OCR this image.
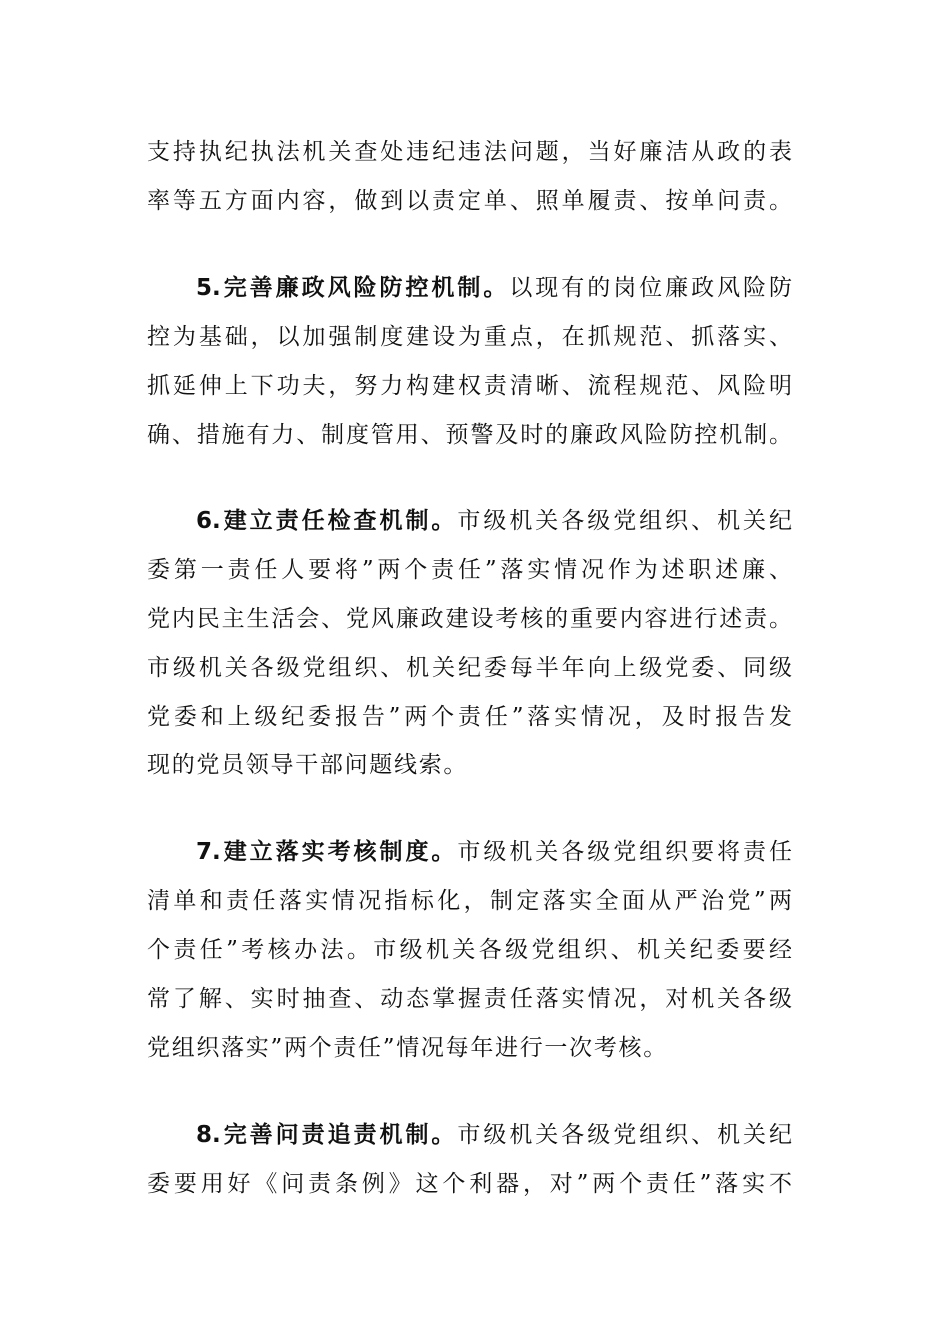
支持执纪执法机关查处违纪违法问题，当好廉洁从政的表
率等五方面内容，做到以责定单、照单履责、按单问责。
5.完善廉政风险防控机制。以现有的岗位廉政风险防
控为基础，以加强制度建设为重点，在抓规范、抓落实、
抓延伸上下功夫，努力构建权责清晰、流程规范、风险明
确、措施有力、制度管用、预警及时的廉政风险防控机制。
6.建立责任检查机制。市级机关各级党组织、机关纪
委第一责任人要将”两个责任”落实情况作为述职述廉、
党内民主生活会、党风廉政建设考核的重要内容进行述责。
市级机关各级党组织、机关纪委每半年向上级党委、同级
党委和上级纪委报告”两个责任”落实情况，及时报告发
现的党员领导干部问题线索。
7.建立落实考核制度。市级机关各级党组织要将责任
清单和责任落实情况指标化，制定落实全面从严治党”两
个责任”考核办法。市级机关各级党组织、机关纪委要经
常了解、实时抽查、动态掌握责任落实情况，对机关各级
党组织落实”两个责任”情况每年进行一次考核。
8.完善问责追责机制。市级机关各级党组织、机关纪
委要用好《问责条例》这个利器，对”两个责任”落实不
